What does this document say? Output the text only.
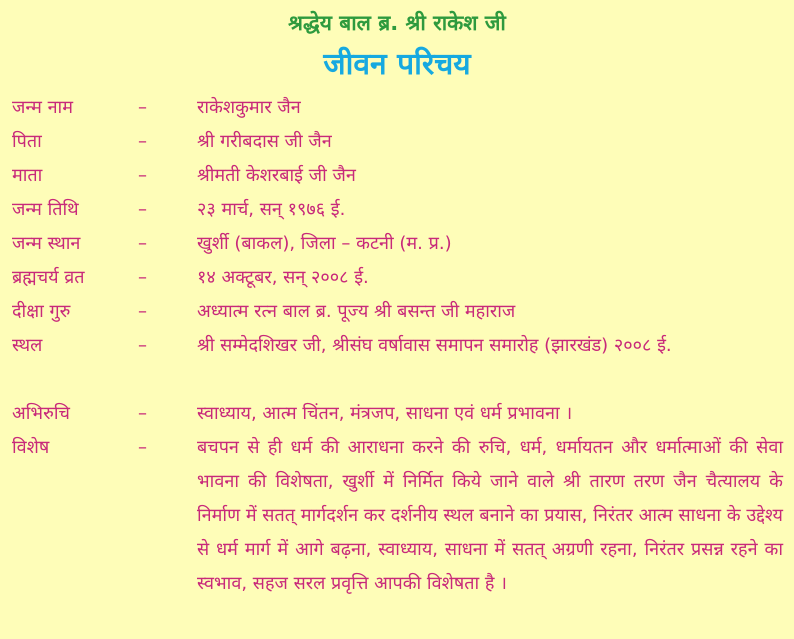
श्रद्धेय बाल ब्र. श्री राकेश जी
जीवन परिचय
जन्म नाम	–	राकेशकुमार जैन
पिता	–	श्री गरीबदास जी जैन
माता	–	श्रीमती केशरबाई जी जैन
जन्म तिथि	–	२३ मार्च, सन् १९७६ ई.
जन्म स्थान	–	खुर्शी (बाकल), जिला – कटनी (म. प्र.)
ब्रह्मचर्य व्रत	–	१४ अक्टूबर, सन् २००८ ई.
दीक्षा गुरु	–	अध्यात्म रत्न बाल ब्र. पूज्य श्री बसन्त जी महाराज
स्थल	–	श्री सम्मेदशिखर जी, श्रीसंघ वर्षावास समापन समारोह (झारखंड) २००८ ई.
अभिरुचि	–	स्वाध्याय, आत्म चिंतन, मंत्रजप, साधना एवं धर्म प्रभावना ।
विशेष	–	बचपन से ही धर्म की आराधना करने की रुचि, धर्म, धर्मायतन और धर्मात्माओं की सेवा भावना की विशेषता, खुर्शी में निर्मित किये जाने वाले श्री तारण तरण जैन चैत्यालय के निर्माण में सतत् मार्गदर्शन कर दर्शनीय स्थल बनाने का प्रयास, निरंतर आत्म साधना के उद्देश्य से धर्म मार्ग में आगे बढ़ना, स्वाध्याय, साधना में सतत् अग्रणी रहना, निरंतर प्रसन्न रहने का स्वभाव, सहज सरल प्रवृत्ति आपकी विशेषता है ।
